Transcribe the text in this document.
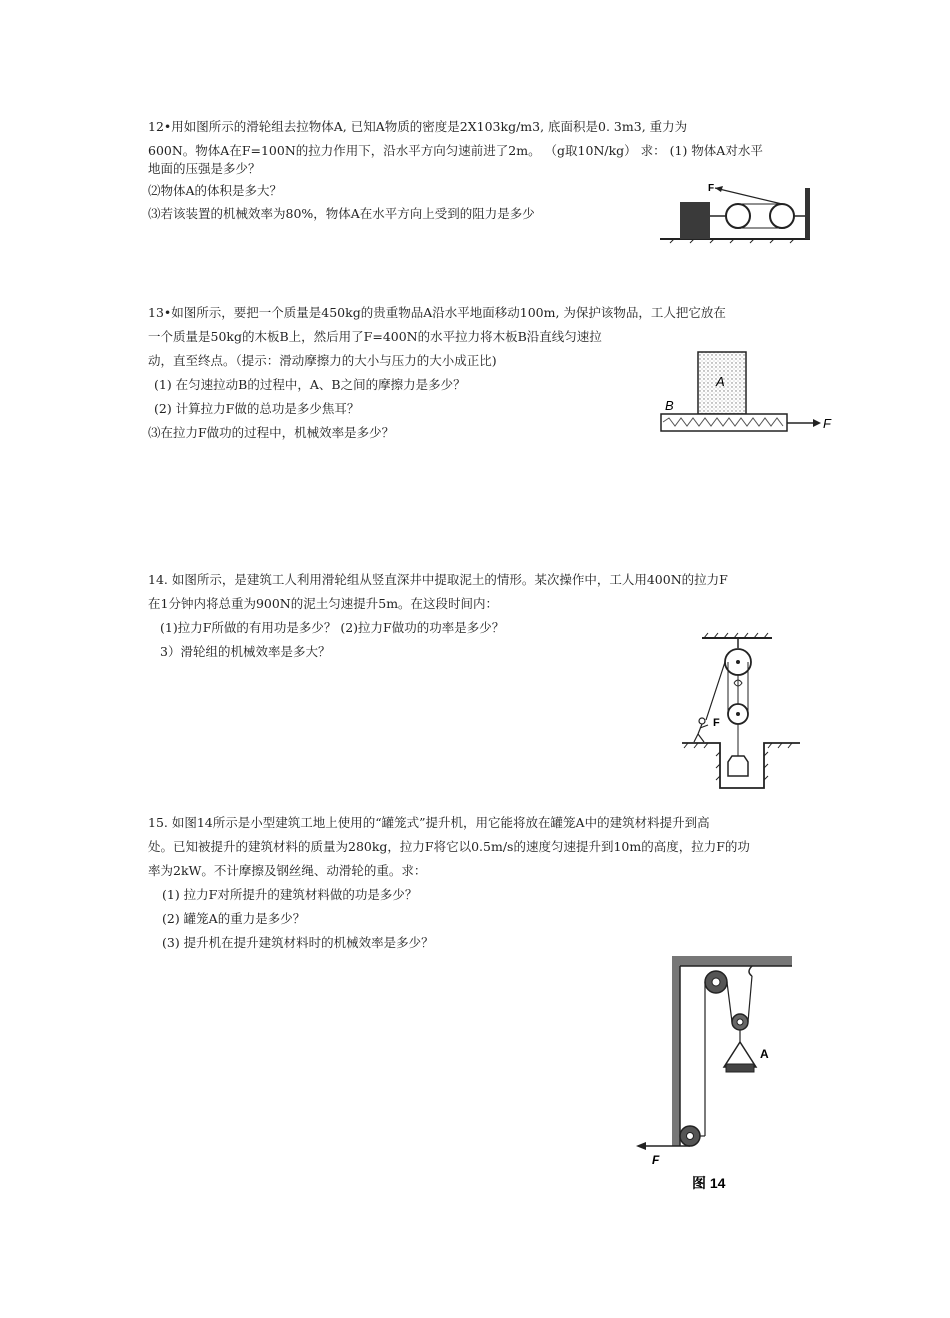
12•用如图所示的滑轮组去拉物体A, 已知A物质的密度是2X103kg/m3, 底面积是0. 3m3, 重力为
600N。物体A在F=100N的拉力作用下，沿水平方向匀速前进了2m。 （g取10N/kg） 求： (1) 物体A对水平
地面的压强是多少？
⑵物体A的体积是多大？
⑶若该装置的机械效率为80%，物体A在水平方向上受到的阻力是多少
F
13•如图所示，要把一个质量是450kg的贵重物品A沿水平地面移动100m, 为保护该物品，工人把它放在
一个质量是50kg的木板B上，然后用了F=400N的水平拉力将木板B沿直线匀速拉
动，直至终点。（提示：滑动摩擦力的大小与压力的大小成正比)
(1) 在匀速拉动B的过程中，A、B之间的摩擦力是多少？
(2) 计算拉力F做的总功是多少焦耳？
⑶在拉力F做功的过程中，机械效率是多少？
A
B
F
14. 如图所示，是建筑工人利用滑轮组从竖直深井中提取泥土的情形。某次操作中，工人用400N的拉力F
在1分钟内将总重为900N的泥土匀速提升5m。在这段时间内：
(1)拉力F所做的有用功是多少？ (2)拉力F做功的功率是多少？
3）滑轮组的机械效率是多大？
F
15. 如图14所示是小型建筑工地上使用的“罐笼式”提升机，用它能将放在罐笼A中的建筑材料提升到高
处。已知被提升的建筑材料的质量为280kg，拉力F将它以0.5m/s的速度匀速提升到10m的高度，拉力F的功
率为2kW。不计摩擦及钢丝绳、动滑轮的重。求：
(1) 拉力F对所提升的建筑材料做的功是多少？
(2) 罐笼A的重力是多少？
(3) 提升机在提升建筑材料时的机械效率是多少？
A
F
图 14
